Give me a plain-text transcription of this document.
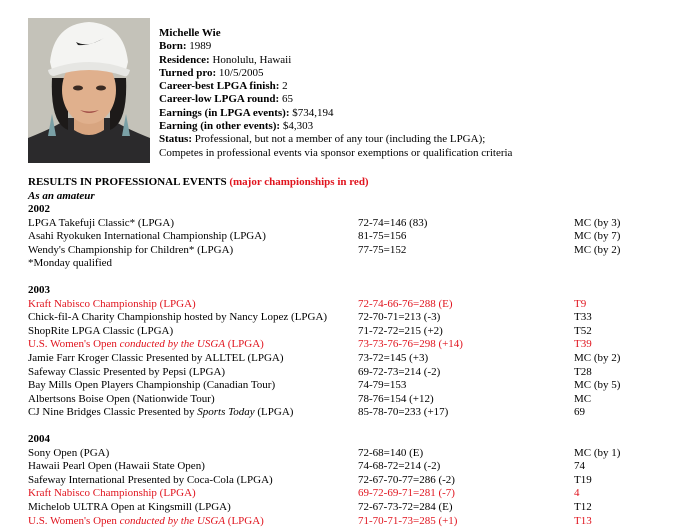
Michelle Wie
Born: 1989
Residence: Honolulu, Hawaii
Turned pro: 10/5/2005
Career-best LPGA finish: 2
Career-low LPGA round: 65
Earnings (in LPGA events): $734,194
Earning (in other events): $4,303
Status: Professional, but not a member of any tour (including the LPGA);
Competes in professional events via sponsor exemptions or qualification criteria
RESULTS IN PROFESSIONAL EVENTS (major championships in red)
As an amateur
2002
LPGA Takefuji Classic* (LPGA)	72-74=146 (83)	MC (by 3)
Asahi Ryokuken International Championship (LPGA)	81-75=156	MC (by 7)
Wendy's Championship for Children* (LPGA)	77-75=152	MC (by 2)
*Monday qualified
2003
Kraft Nabisco Championship (LPGA)	72-74-66-76=288 (E)	T9
Chick-fil-A Charity Championship hosted by Nancy Lopez (LPGA)	72-70-71=213 (-3)	T33
ShopRite LPGA Classic (LPGA)	71-72-72=215 (+2)	T52
U.S. Women's Open conducted by the USGA (LPGA)	73-73-76-76=298 (+14)	T39
Jamie Farr Kroger Classic Presented by ALLTEL (LPGA)	73-72=145 (+3)	MC (by 2)
Safeway Classic Presented by Pepsi (LPGA)	69-72-73=214 (-2)	T28
Bay Mills Open Players Championship (Canadian Tour)	74-79=153	MC (by 5)
Albertsons Boise Open (Nationwide Tour)	78-76=154 (+12)	MC
CJ Nine Bridges Classic Presented by Sports Today (LPGA)	85-78-70=233 (+17)	69
2004
Sony Open (PGA)	72-68=140 (E)	MC (by 1)
Hawaii Pearl Open (Hawaii State Open)	74-68-72=214 (-2)	74
Safeway International Presented by Coca-Cola (LPGA)	72-67-70-77=286 (-2)	T19
Kraft Nabisco Championship (LPGA)	69-72-69-71=281 (-7)	4
Michelob ULTRA Open at Kingsmill (LPGA)	72-67-73-72=284 (E)	T12
U.S. Women's Open conducted by the USGA (LPGA)	71-70-71-73=285 (+1)	T13
